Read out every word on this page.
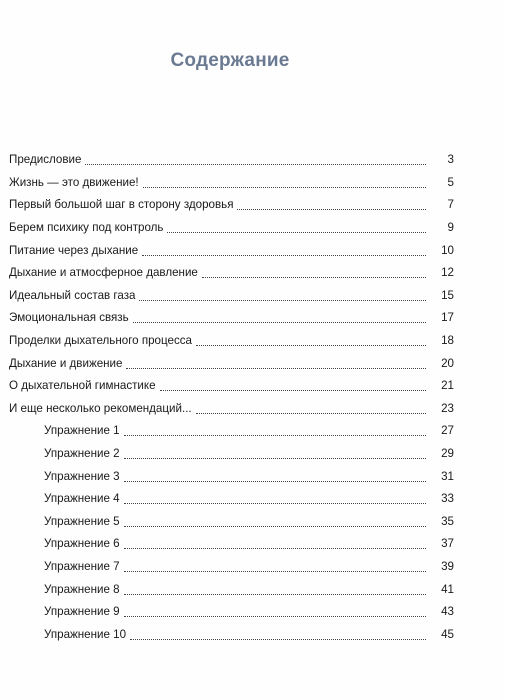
Содержание
Предисловие	3
Жизнь — это движение!	5
Первый большой шаг в сторону здоровья	7
Берем психику под контроль	9
Питание через дыхание	10
Дыхание и атмосферное давление	12
Идеальный состав газа	15
Эмоциональная связь	17
Проделки дыхательного процесса	18
Дыхание и движение	20
О дыхательной гимнастике	21
И еще несколько рекомендаций...	23
Упражнение 1	27
Упражнение 2	29
Упражнение 3	31
Упражнение 4	33
Упражнение 5	35
Упражнение 6	37
Упражнение 7	39
Упражнение 8	41
Упражнение 9	43
Упражнение 10	45
